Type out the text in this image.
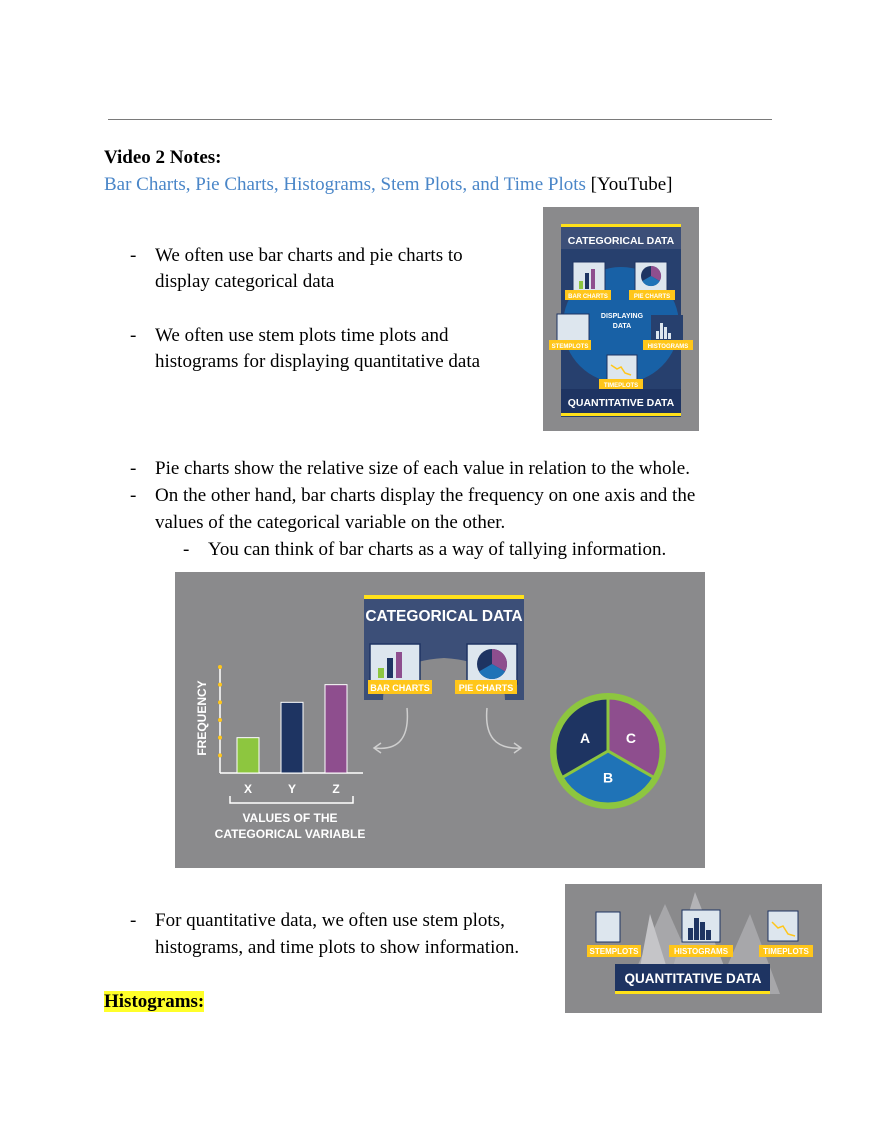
Video 2 Notes:
Bar Charts, Pie Charts, Histograms, Stem Plots, and Time Plots [YouTube]
- We often use bar charts and pie charts to
display categorical data
- We often use stem plots time plots and
histograms for displaying quantitative data
CATEGORICAL DATA
QUANTITATIVE DATA
BAR CHARTS	PIE CHARTS
DISPLAYING
DATA
STEMPLOTS	HISTOGRAMS
TIMEPLOTS
- Pie charts show the relative size of each value in relation to the whole.
- On the other hand, bar charts display the frequency on one axis and the
values of the categorical variable on the other.
- You can think of bar charts as a way of tallying information.
CATEGORICAL DATA
BAR CHARTS	PIE CHARTS
FREQUENCY
X	Y	Z
VALUES OF THE
CATEGORICAL VARIABLE
A
B
C
- For quantitative data, we often use stem plots,
histograms, and time plots to show information.	STEMPLOTS	HISTOGRAMS	TIMEPLOTS
QUANTITATIVE DATA
Histograms:
